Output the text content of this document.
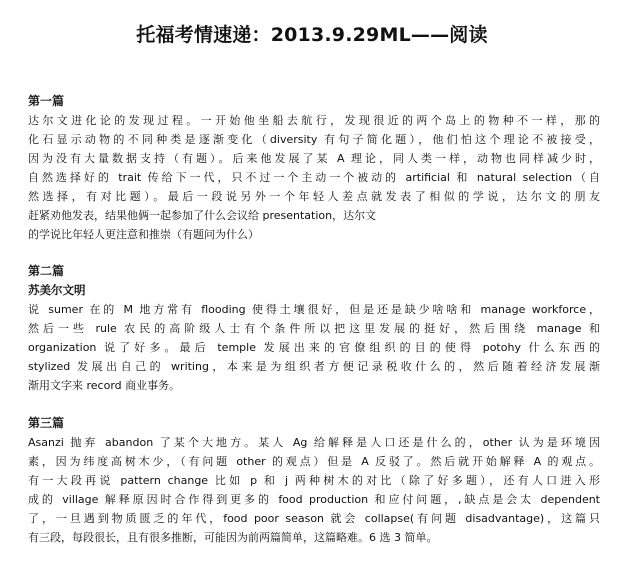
托福考情速递：2013.9.29ML——阅读
第一篇
达尔文进化论的发现过程。一开始他坐船去航行，发现很近的两个岛上的物种不一样，那的
化石显示动物的不同种类是逐渐变化（diversity 有句子简化题），他们怕这个理论不被接受，
因为没有大量数据支持（有题）。后来他发展了某 A 理论，同人类一样，动物也同样减少时，
自然选择好的 trait 传给下一代，只不过一个主动一个被动的 artificial 和 natural selection（自
然选择，有对比题）。最后一段说另外一个年轻人差点就发表了相似的学说，达尔文的朋友
赶紧劝他发表，结果他俩一起参加了什么会议给 presentation，达尔文
的学说比年轻人更注意和推崇（有题问为什么）
第二篇
苏美尔文明
说 sumer 在的 M 地方常有 flooding 使得土壤很好，但是还是缺少啥啥和 manage workforce，
然后一些 rule 农民的高阶级人士有个条件所以把这里发展的挺好，然后围绕 manage 和
organization 说了好多。最后 temple 发展出来的官僚组织的目的使得 potohy 什么东西的
stylized 发展出自己的 writing，本来是为组织者方便记录税收什么的，然后随着经济发展渐
渐用文字来 record 商业事务。
第三篇
Asanzi 抛弃 abandon 了某个大地方。某人 Ag 给解释是人口还是什么的，other 认为是环境因
素，因为纬度高树木少，（有问题 other 的观点）但是 A 反驳了。然后就开始解释 A 的观点。
有一大段再说 pattern change 比如 p 和 j 两种树木的对比（除了好多题），还有人口进入形
成的 village 解释原因时合作得到更多的 food production 和应付问题，,缺点是会太 dependent
了，一旦遇到物质匮乏的年代，food poor season 就会 collapse(有问题 disadvantage)，这篇只
有三段，每段很长，且有很多推断，可能因为前两篇简单，这篇略难。6 选 3 简单。
